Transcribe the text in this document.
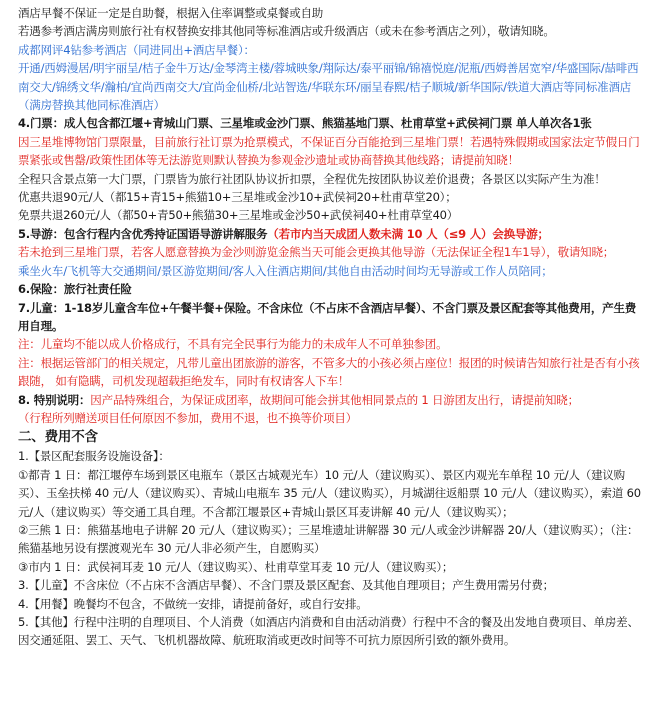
酒店早餐不保证一定是自助餐，根据入住率调整或桌餐或自助

若遇参考酒店满房则旅行社有权替换安排其他同等标准酒店或升级酒店（或未在参考酒店之列），敬请知晓。

成都网评4钻参考酒店（同进同出+酒店早餐）：

开通/西姆漫居/明宇丽呈/桔子金牛万达/金琴湾主楼/蓉城映象/翔际达/泰平丽锦/锦禧悦庭/泥瓶/西姆善居宽窄/华盛国际/喆啡西南交大/锦绣文华/瀚柏/宜尚西南交大/宜尚金仙桥/北站智选/华联东环/丽呈春熙/桔子顺城/新华国际/铁道大酒店等同标准酒店（满房替换其他同标准酒店）

4.门票：成人包含都江堰+青城山门票、三星堆或金沙门票、熊猫基地门票、杜甫草堂+武侯祠门票 单人单次各1张

因三星堆博物馆门票限量，目前旅行社订票为抢票模式，不保证百分百能抢到三星堆门票！若遇特殊假期或国家法定节假日门票紧张或售罄/政策性团体等无法游览则默认替换为参观金沙遗址或协商替换其他线路；请提前知晓！

全程只含景点第一大门票，门票皆为旅行社团队协议折扣票，全程优先按团队协议差价退费；各景区以实际产生为准！

优惠共退90元/人（都15+青15+熊猫10+三星堆或金沙10+武侯祠20+杜甫草堂20）；

免票共退260元/人（都50+青50+熊猫30+三星堆或金沙50+武侯祠40+杜甫草堂40）

5.导游：包含行程内含优秀持证国语导游讲解服务（若市内当天成团人数未满 10 人（≤9 人）会换导游；

若未抢到三星堆门票，若客人愿意替换为金沙则游览金熊当天可能会更换其他导游（无法保证全程1车1导），敬请知晓；

乘坐火车/飞机等大交通期间/景区游览期间/客人入住酒店期间/其他自由活动时间均无导游或工作人员陪同；

6.保险：旅行社责任险

7.儿童：1-18岁儿童含车位+午餐半餐+保险。不含床位（不占床不含酒店早餐）、不含门票及景区配套等其他费用，产生费用自理。

注：儿童均不能以成人价格成行，不具有完全民事行为能力的未成年人不可单独参团。

注：根据运管部门的相关规定，凡带儿童出团旅游的游客，不管多大的小孩必须占座位！报团的时候请告知旅行社是否有小孩跟随， 如有隐瞒，司机发现超载拒绝发车，同时有权请客人下车！

8. 特别说明：因产品特殊组合，为保证成团率，故期间可能会拼其他相同景点的 1 日游团友出行，请提前知晓；

（行程所列赠送项目任何原因不参加，费用不退，也不换等价项目）

二、费用不含

1.【景区配套服务设施设备】：

①都青 1 日：都江堰停车场到景区电瓶车（景区古城观光车）10 元/人（建议购买）、景区内观光车单程 10 元/人（建议购买）、玉垒扶梯 40 元/人（建议购买）、青城山电瓶车 35 元/人（建议购买），月城湖往返船票 10 元/人（建议购买），索道 60 元/人（建议购买）等交通工具自理。不含都江堰景区+青城山景区耳麦讲解 40 元/人（建议购买）；

②三熊 1 日：熊猫基地电子讲解 20 元/人（建议购买）；三星堆遗址讲解器 30 元/人或金沙讲解器 20/人（建议购买）；（注：熊猫基地另设有摆渡观光车 30 元/人非必须产生，自愿购买）

③市内 1 日：武侯祠耳麦 10 元/人（建议购买）、杜甫草堂耳麦 10 元/人（建议购买）；

3.【儿童】不含床位（不占床不含酒店早餐）、不含门票及景区配套、及其他自理项目；产生费用需另付费；

4.【用餐】晚餐均不包含，不做统一安排，请提前备好，或自行安排。

5.【其他】行程中注明的自理项目、个人消费（如酒店内消费和自由活动消费）行程中不含的餐及出发地自费项目、单房差、因交通延阻、罢工、天气、飞机机器故障、航班取消或更改时间等不可抗力原因所引致的额外费用。
